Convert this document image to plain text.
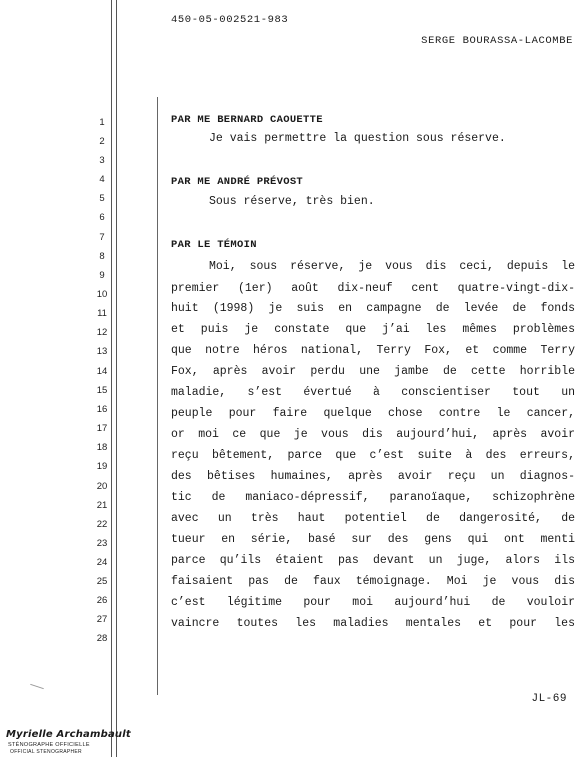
450-05-002521-983
SERGE BOURASSA-LACOMBE
1
2
3
4
5
6
7
8
9
10
11
12
13
14
15
16
17
18
19
20
21
22
23
24
25
26
27
28
PAR ME BERNARD CAOUETTE
Je vais permettre la question sous réserve.
PAR ME ANDRÉ PRÉVOST
Sous réserve, très bien.
PAR LE TÉMOIN
Moi, sous réserve, je vous dis ceci, depuis le
premier (1er) août dix-neuf cent quatre-vingt-dix-
huit (1998) je suis en campagne de levée de fonds
et puis je constate que j’ai les mêmes problèmes
que notre héros national, Terry Fox, et comme Terry
Fox, après avoir perdu une jambe de cette horrible
maladie, s’est évertué à conscientiser tout un
peuple pour faire quelque chose contre le cancer,
or moi ce que je vous dis aujourd’hui, après avoir
reçu bêtement, parce que c’est suite à des erreurs,
des bêtises humaines, après avoir reçu un diagnos-
tic de maniaco-dépressif, paranoïaque, schizophrène
avec un très haut potentiel de dangerosité, de
tueur en série, basé sur des gens qui ont menti
parce qu’ils étaient pas devant un juge, alors ils
faisaient pas de faux témoignage. Moi je vous dis
c’est légitime pour moi aujourd’hui de vouloir
vaincre toutes les maladies mentales et pour les
JL-69
Myrielle Archambault
STÉNOGRAPHE OFFICIELLE
OFFICIAL STENOGRAPHER
